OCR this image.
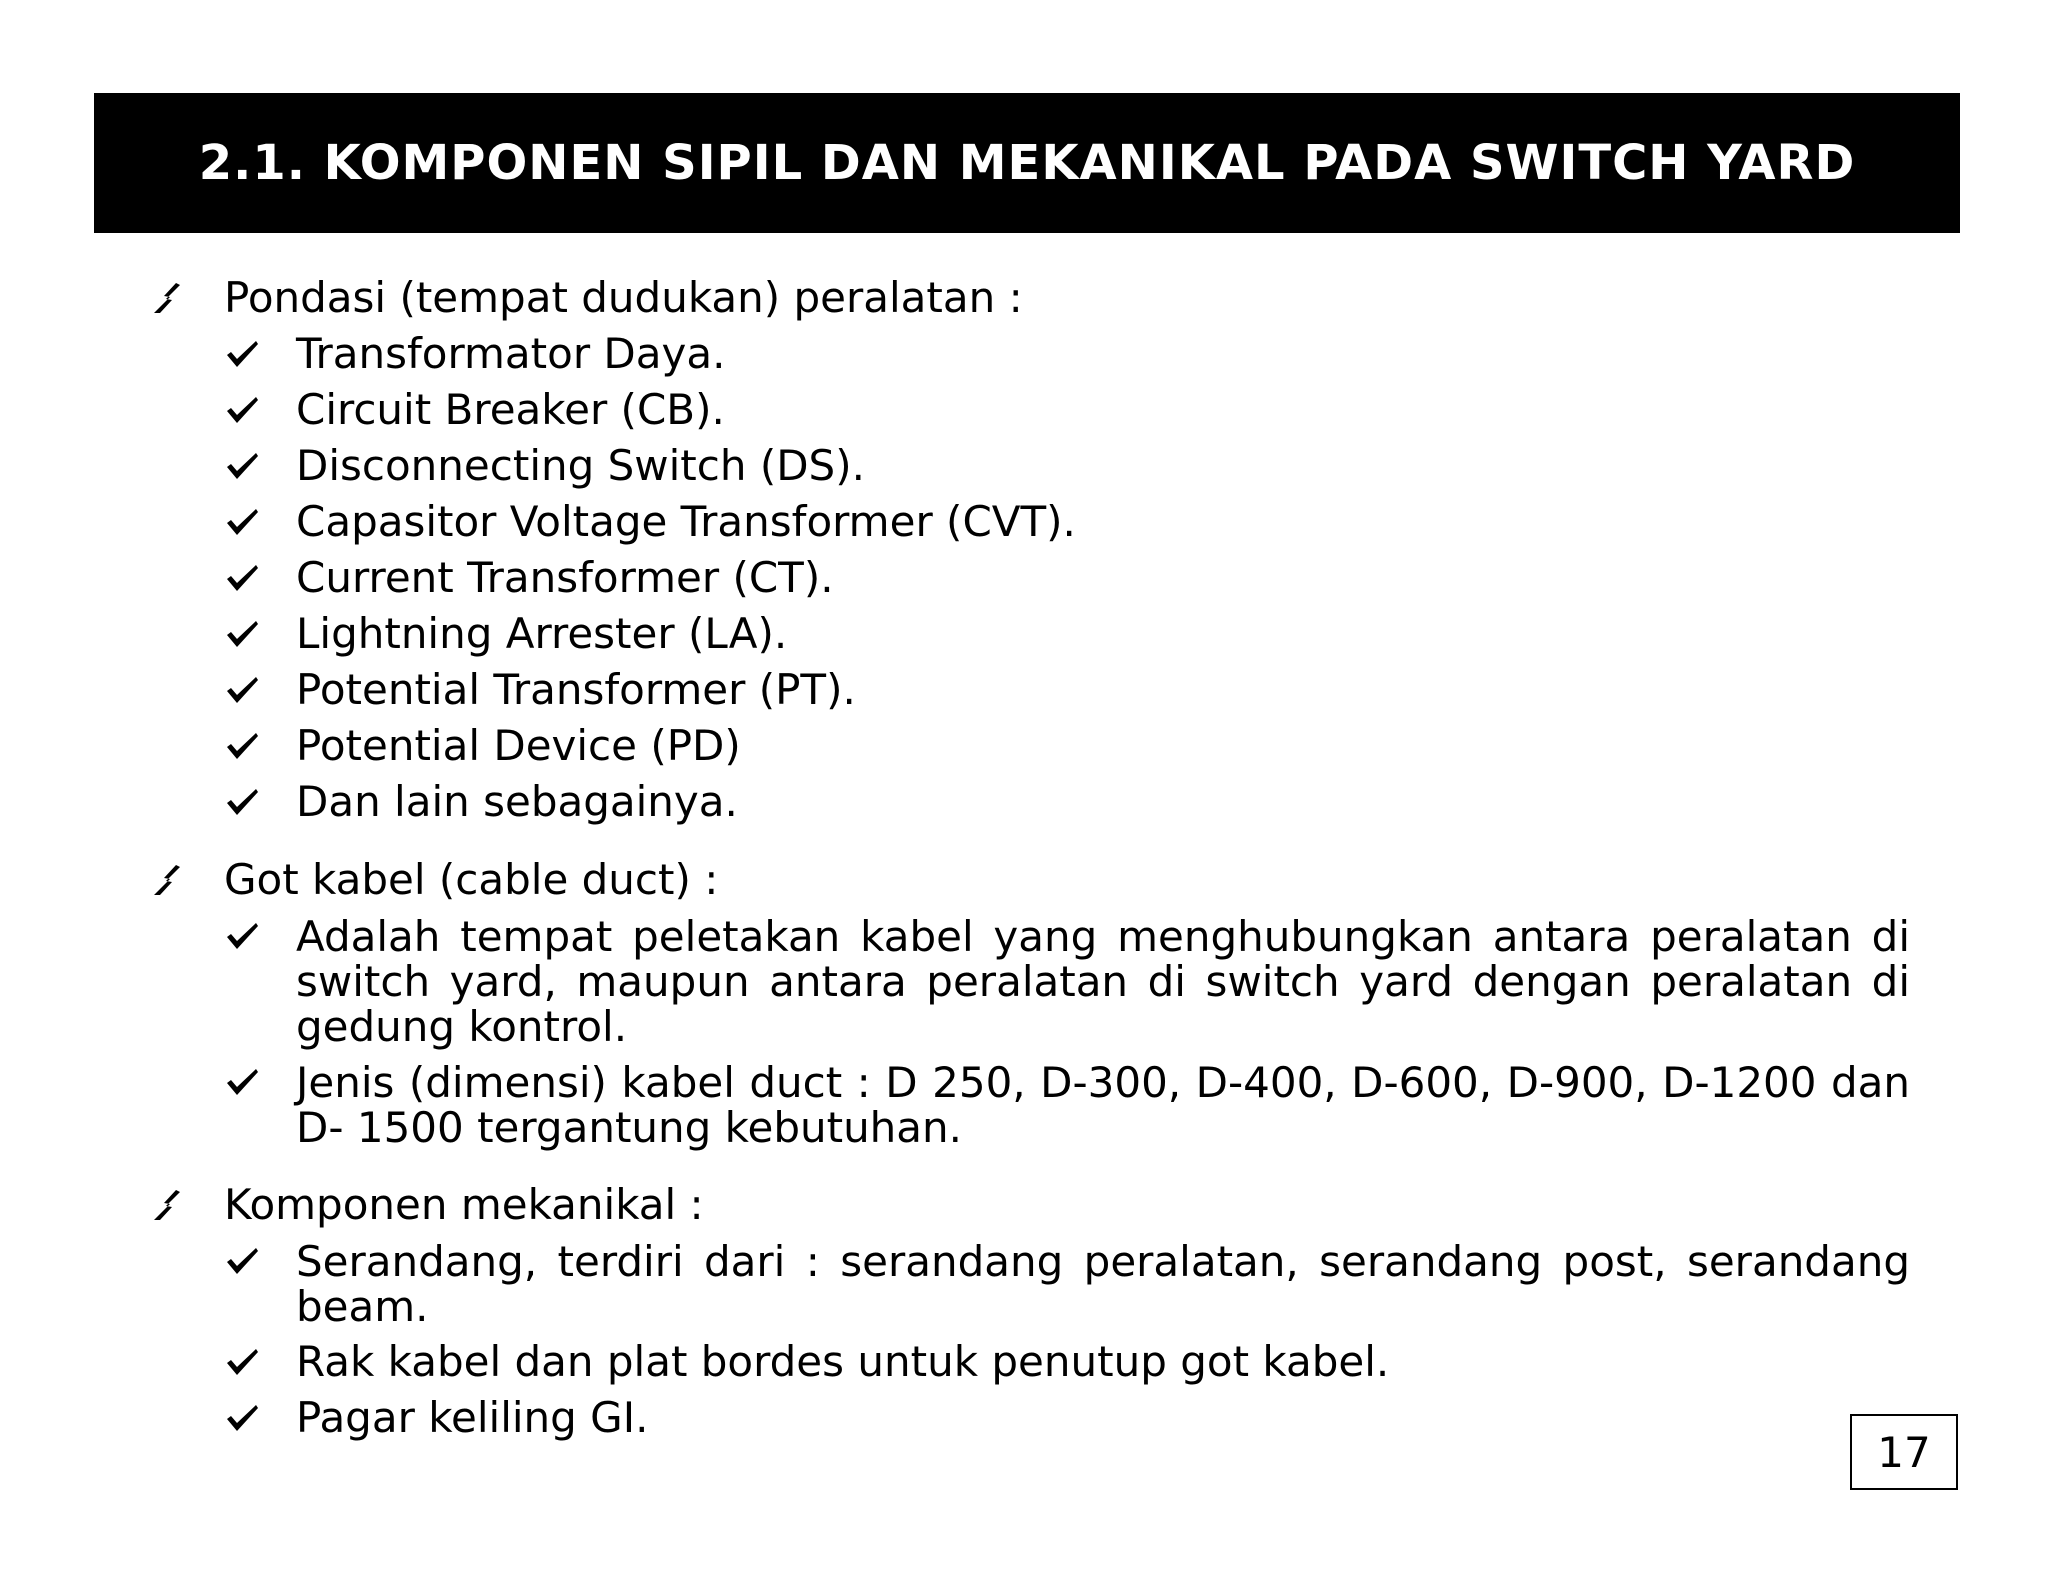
2.1. KOMPONEN SIPIL DAN MEKANIKAL PADA SWITCH YARD
Pondasi (tempat dudukan) peralatan :
Transformator Daya.
Circuit Breaker (CB).
Disconnecting Switch (DS).
Capasitor Voltage Transformer (CVT).
Current Transformer (CT).
Lightning Arrester (LA).
Potential Transformer (PT).
Potential Device (PD)
Dan lain sebagainya.
Got kabel (cable duct) :
Adalah tempat peletakan kabel yang menghubungkan antara peralatan di switch yard, maupun antara peralatan di switch yard dengan peralatan di gedung kontrol.
Jenis (dimensi) kabel duct : D 250, D-300, D-400, D-600, D-900, D-1200 dan D- 1500 tergantung kebutuhan.
Komponen mekanikal :
Serandang, terdiri dari : serandang peralatan, serandang post, serandang beam.
Rak kabel dan plat bordes untuk penutup got kabel.
Pagar keliling GI.
17
